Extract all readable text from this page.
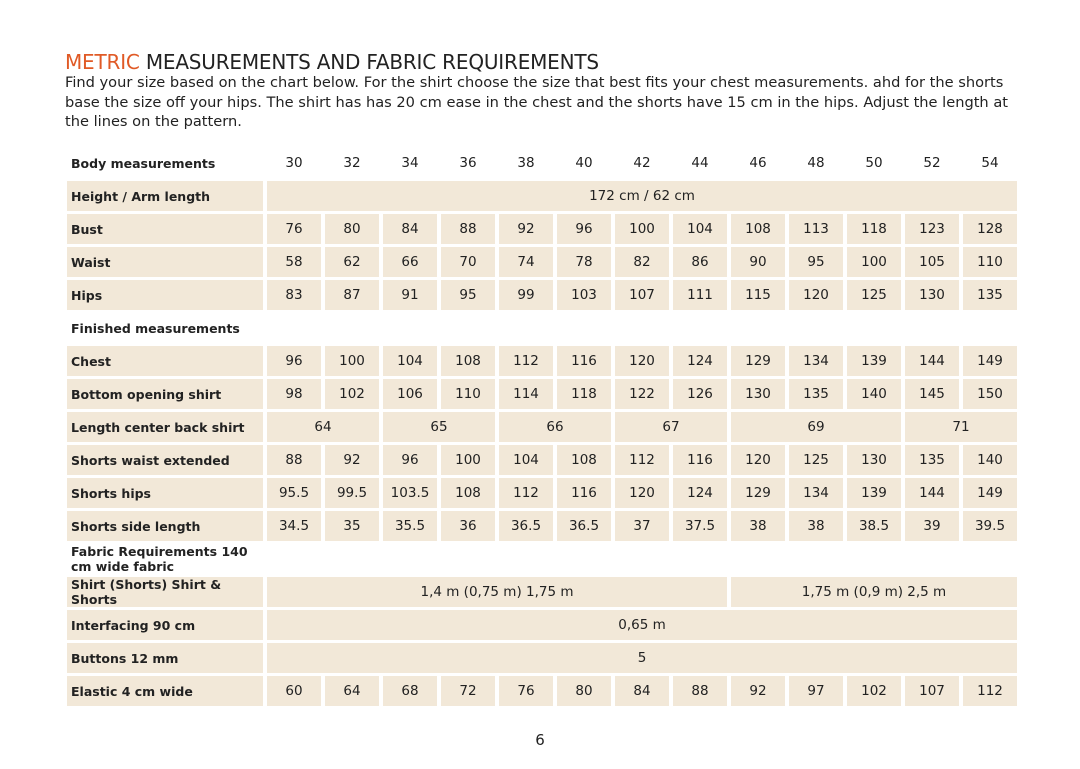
METRIC MEASUREMENTS AND FABRIC REQUIREMENTS
Find your size based on the chart below. For the shirt choose the size that best fits your chest measurements. ahd for the shorts base the size off your hips. The shirt has has 20 cm ease in the chest and the shorts have 15 cm in the hips. Adjust the length at the lines on the pattern.
Body measurements	30	32	34	36	38	40	42	44	46	48	50	52	54
Height / Arm length	172 cm / 62 cm												
Bust	76	80	84	88	92	96	100	104	108	113	118	123	128
Waist	58	62	66	70	74	78	82	86	90	95	100	105	110
Hips	83	87	91	95	99	103	107	111	115	120	125	130	135
Finished measurements													
Chest	96	100	104	108	112	116	120	124	129	134	139	144	149
Bottom opening shirt	98	102	106	110	114	118	122	126	130	135	140	145	150
Length center back shirt	64		65		66		67		69			71	
Shorts waist extended	88	92	96	100	104	108	112	116	120	125	130	135	140
Shorts hips	95.5	99.5	103.5	108	112	116	120	124	129	134	139	144	149
Shorts side length	34.5	35	35.5	36	36.5	36.5	37	37.5	38	38	38.5	39	39.5
Fabric Requirements 140 cm wide fabric													
Shirt (Shorts) Shirt & Shorts	1,4 m (0,75 m) 1,75 m								1,75 m (0,9 m) 2,5 m				
Interfacing 90 cm	0,65 m												
Buttons 12 mm	5												
Elastic 4 cm wide	60	64	68	72	76	80	84	88	92	97	102	107	112
6
